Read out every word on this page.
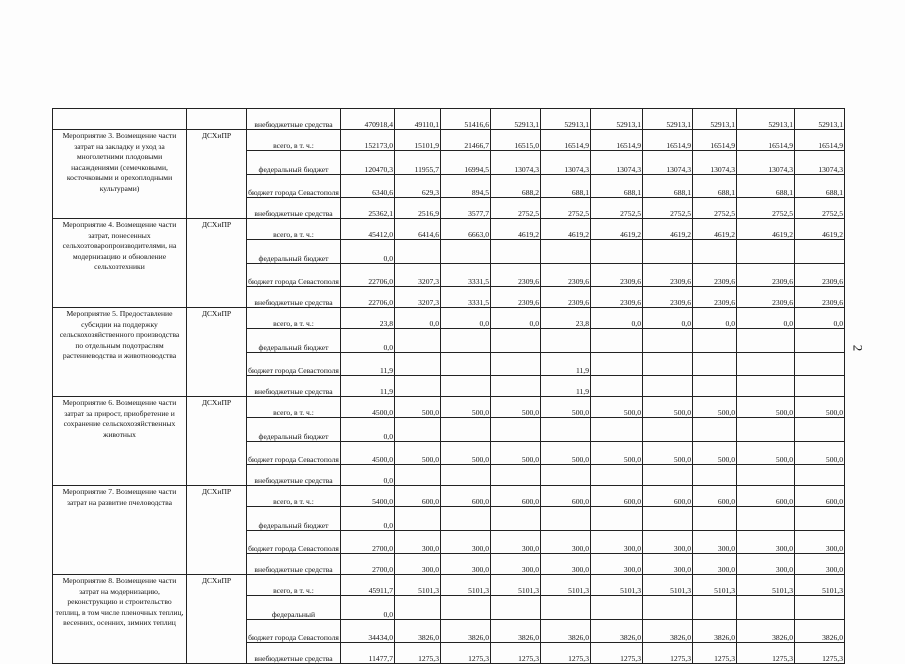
		внебюджетные средства	470918,4	49110,1	51416,6	52913,1	52913,1	52913,1	52913,1	52913,1	52913,1	52913,1
Мероприятие 3. Возмещение части затрат на закладку и уход за многолетними плодовыми насаждениями (семечковыми, косточковыми и орехоплодными культурами)	ДСХиПР	всего, в т. ч.:	152173,0	15101,9	21466,7	16515,0	16514,9	16514,9	16514,9	16514,9	16514,9	16514,9
		федеральный бюджет	120470,3	11955,7	16994,5	13074,3	13074,3	13074,3	13074,3	13074,3	13074,3	13074,3
		бюджет города Севастополя	6340,6	629,3	894,5	688,2	688,1	688,1	688,1	688,1	688,1	688,1
		внебюджетные средства	25362,1	2516,9	3577,7	2752,5	2752,5	2752,5	2752,5	2752,5	2752,5	2752,5
Мероприятие 4. Возмещение части затрат, понесенных сельхозтоваропроизводителями, на модернизацию и обновление сельхозтехники	ДСХиПР	всего, в т. ч.:	45412,0	6414,6	6663,0	4619,2	4619,2	4619,2	4619,2	4619,2	4619,2	4619,2
		федеральный бюджет	0,0									
		бюджет города Севастополя	22706,0	3207,3	3331,5	2309,6	2309,6	2309,6	2309,6	2309,6	2309,6	2309,6
		внебюджетные средства	22706,0	3207,3	3331,5	2309,6	2309,6	2309,6	2309,6	2309,6	2309,6	2309,6
Мероприятие 5. Предоставление субсидии на поддержку сельскохозяйственного производства по отдельным подотраслям растениеводства и животноводства	ДСХиПР	всего, в т. ч.:	23,8	0,0	0,0	0,0	23,8	0,0	0,0	0,0	0,0	0,0
		федеральный бюджет	0,0									
		бюджет города Севастополя	11,9				11,9					
		внебюджетные средства	11,9				11,9					
Мероприятие 6. Возмещение части затрат за прирост, приобретение и сохранение сельскохозяйственных животных	ДСХиПР	всего, в т. ч.:	4500,0	500,0	500,0	500,0	500,0	500,0	500,0	500,0	500,0	500,0
		федеральный бюджет	0,0									
		бюджет города Севастополя	4500,0	500,0	500,0	500,0	500,0	500,0	500,0	500,0	500,0	500,0
		внебюджетные средства	0,0									
Мероприятие 7. Возмещение части затрат на развитие пчеловодства	ДСХиПР	всего, в т. ч.:	5400,0	600,0	600,0	600,0	600,0	600,0	600,0	600,0	600,0	600,0
		федеральный бюджет	0,0									
		бюджет города Севастополя	2700,0	300,0	300,0	300,0	300,0	300,0	300,0	300,0	300,0	300,0
		внебюджетные средства	2700,0	300,0	300,0	300,0	300,0	300,0	300,0	300,0	300,0	300,0
Мероприятие 8. Возмещение части затрат на модернизацию, реконструкцию и строительство теплиц, в том числе пленочных теплиц, весенних, осенних, зимних теплиц	ДСХиПР	всего, в т. ч.:	45911,7	5101,3	5101,3	5101,3	5101,3	5101,3	5101,3	5101,3	5101,3	5101,3
		федеральный	0,0									
		бюджет города Севастополя	34434,0	3826,0	3826,0	3826,0	3826,0	3826,0	3826,0	3826,0	3826,0	3826,0
		внебюджетные средства	11477,7	1275,3	1275,3	1275,3	1275,3	1275,3	1275,3	1275,3	1275,3	1275,3
2
